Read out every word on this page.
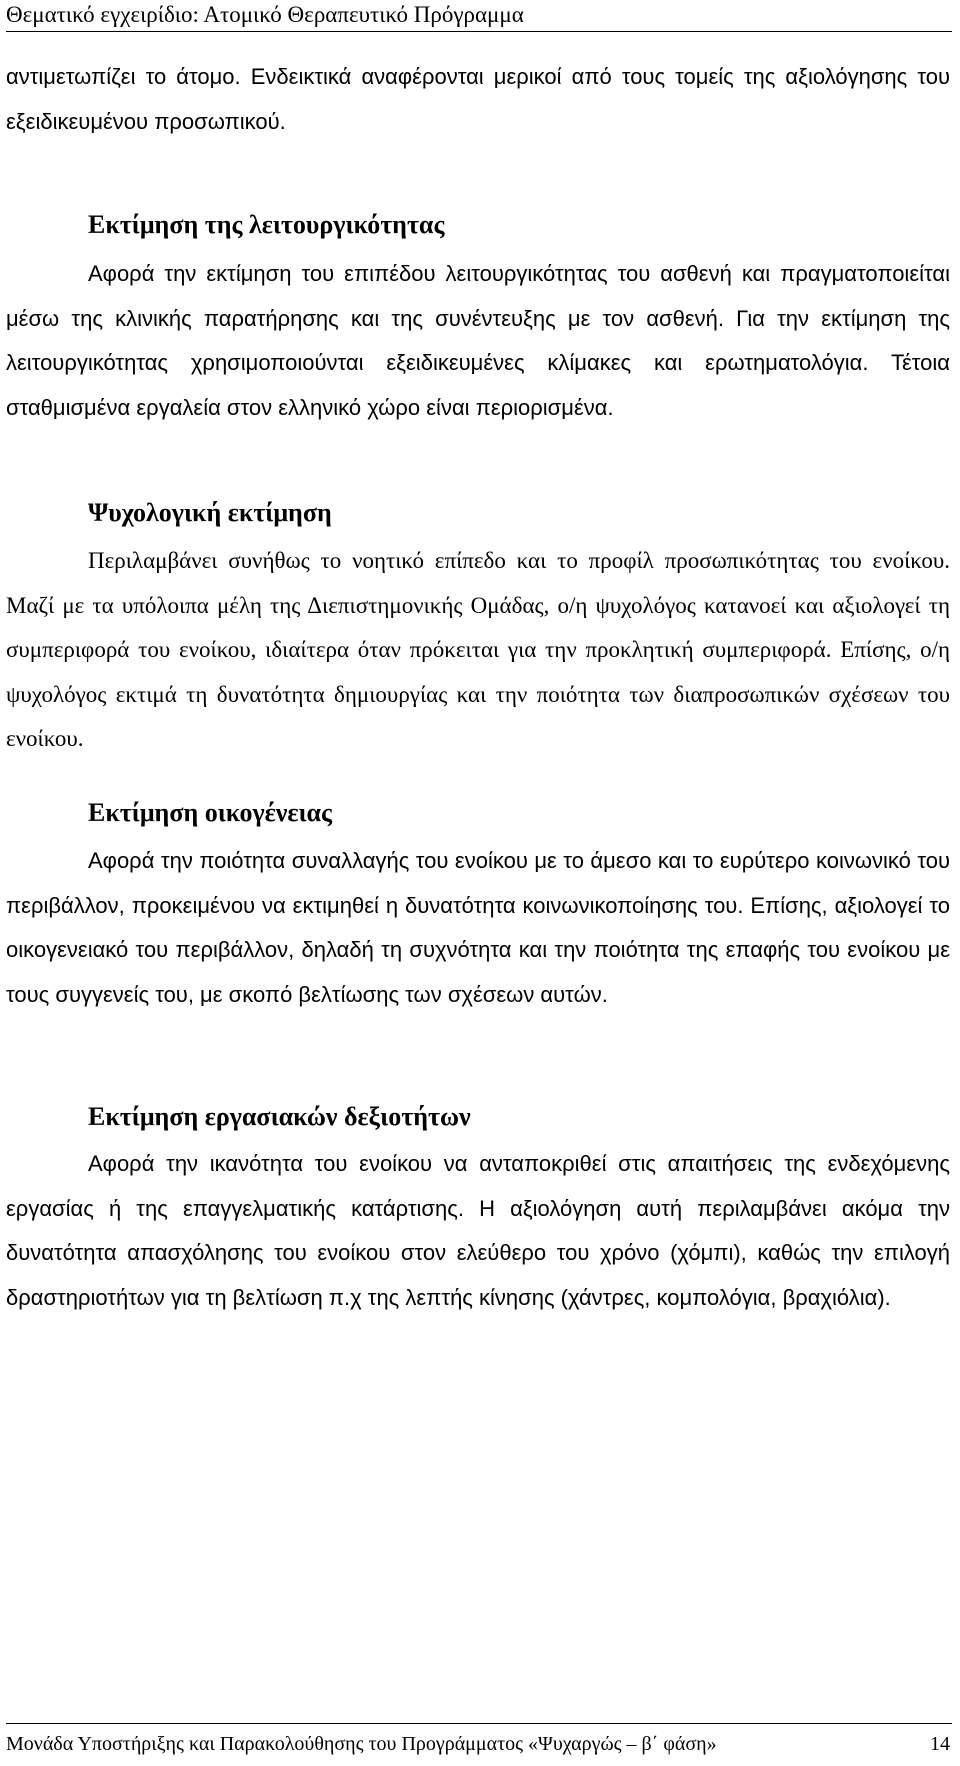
Θεματικό εγχειρίδιο: Ατομικό Θεραπευτικό Πρόγραμμα
αντιμετωπίζει το άτομο. Ενδεικτικά αναφέρονται μερικοί από τους τομείς της αξιολόγησης του εξειδικευμένου προσωπικού.
Εκτίμηση της λειτουργικότητας
Αφορά την εκτίμηση του επιπέδου λειτουργικότητας του ασθενή και πραγματοποιείται μέσω της κλινικής παρατήρησης και της συνέντευξης με τον ασθενή. Για την εκτίμηση της λειτουργικότητας χρησιμοποιούνται εξειδικευμένες κλίμακες και ερωτηματολόγια. Τέτοια σταθμισμένα εργαλεία στον ελληνικό χώρο είναι περιορισμένα.
Ψυχολογική εκτίμηση
Περιλαμβάνει συνήθως το νοητικό επίπεδο και το προφίλ προσωπικότητας του ενοίκου. Μαζί με τα υπόλοιπα μέλη της Διεπιστημονικής Ομάδας, ο/η ψυχολόγος κατανοεί και αξιολογεί τη συμπεριφορά του ενοίκου, ιδιαίτερα όταν πρόκειται για την προκλητική συμπεριφορά. Επίσης, ο/η ψυχολόγος εκτιμά τη δυνατότητα δημιουργίας και την ποιότητα των διαπροσωπικών σχέσεων του ενοίκου.
Εκτίμηση οικογένειας
Αφορά την ποιότητα συναλλαγής του ενοίκου με το άμεσο και το ευρύτερο κοινωνικό του περιβάλλον, προκειμένου να εκτιμηθεί η δυνατότητα κοινωνικοποίησης του. Επίσης, αξιολογεί το οικογενειακό του περιβάλλον, δηλαδή τη συχνότητα και την ποιότητα της επαφής του ενοίκου με τους συγγενείς του, με σκοπό βελτίωσης των σχέσεων αυτών.
Εκτίμηση εργασιακών δεξιοτήτων
Αφορά την ικανότητα του ενοίκου να ανταποκριθεί στις απαιτήσεις της ενδεχόμενης εργασίας ή της επαγγελματικής κατάρτισης. Η αξιολόγηση αυτή περιλαμβάνει ακόμα την δυνατότητα απασχόλησης του ενοίκου στον ελεύθερο του χρόνο (χόμπι), καθώς την επιλογή δραστηριοτήτων για τη βελτίωση π.χ της λεπτής κίνησης (χάντρες, κομπολόγια, βραχιόλια).
Μονάδα Υποστήριξης και Παρακολούθησης του Προγράμματος «Ψυχαργώς – β΄ φάση»	14
